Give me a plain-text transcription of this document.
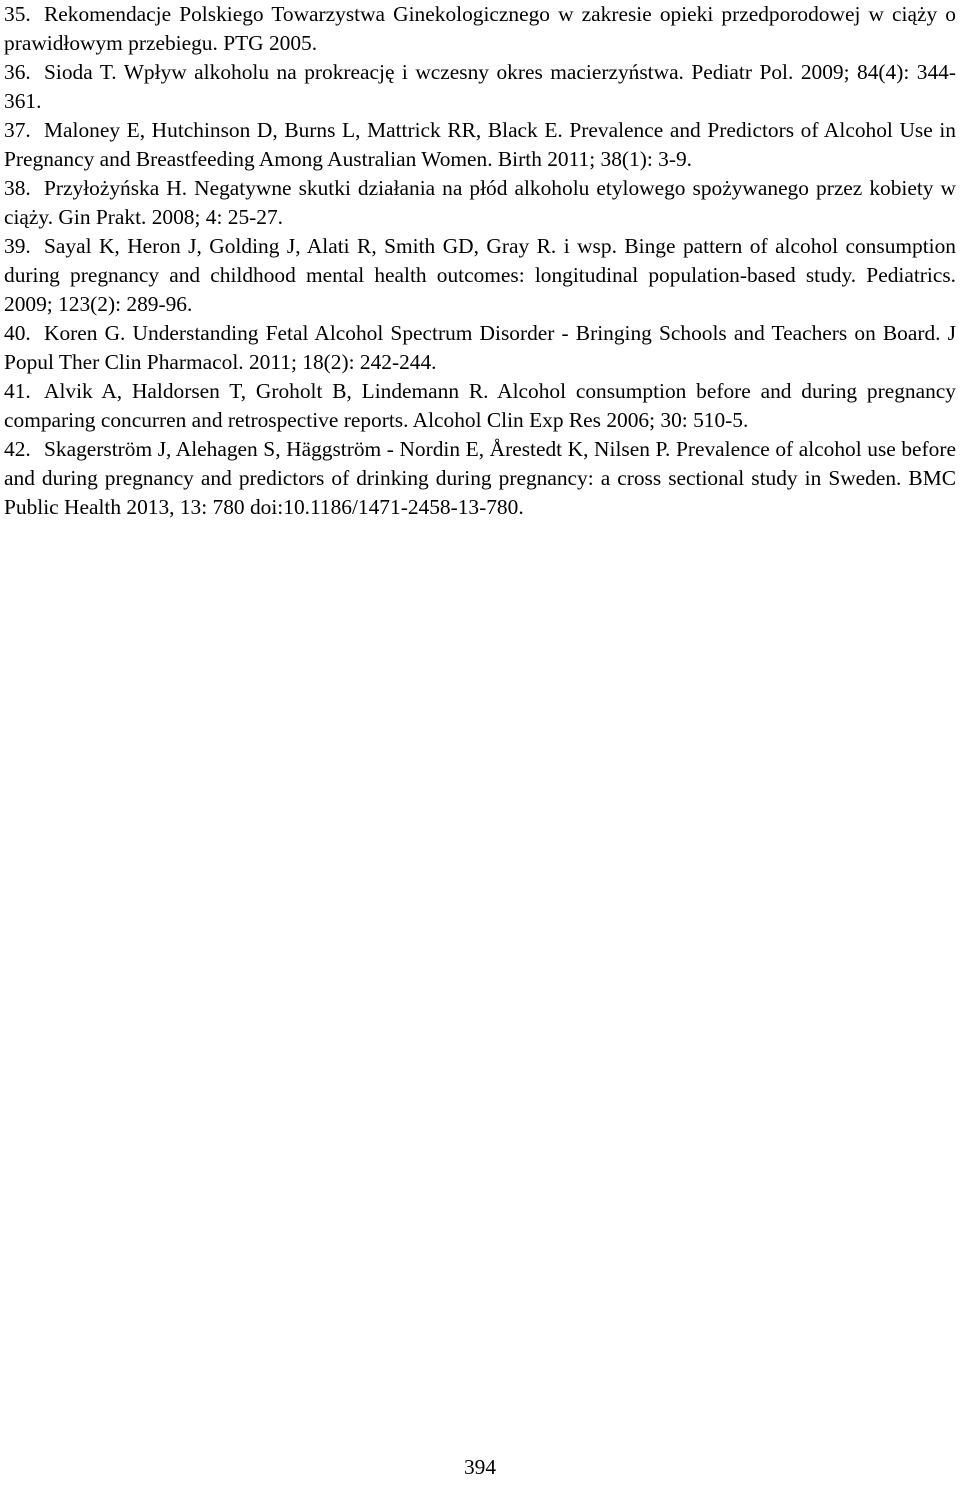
35. Rekomendacje Polskiego Towarzystwa Ginekologicznego w zakresie opieki przedporodowej w ciąży o prawidłowym przebiegu. PTG 2005.

36. Sioda T. Wpływ alkoholu na prokreację i wczesny okres macierzyństwa. Pediatr Pol. 2009; 84(4): 344-361.

37. Maloney E, Hutchinson D, Burns L, Mattrick RR, Black E. Prevalence and Predictors of Alcohol Use in Pregnancy and Breastfeeding Among Australian Women. Birth 2011; 38(1): 3-9.

38. Przyłożyńska H. Negatywne skutki działania na płód alkoholu etylowego spożywanego przez kobiety w ciąży. Gin Prakt. 2008; 4: 25-27.

39. Sayal K, Heron J, Golding J, Alati R, Smith GD, Gray R. i wsp. Binge pattern of alcohol consumption during pregnancy and childhood mental health outcomes: longitudinal population-based study. Pediatrics. 2009; 123(2): 289-96.

40. Koren G. Understanding Fetal Alcohol Spectrum Disorder - Bringing Schools and Teachers on Board. J Popul Ther Clin Pharmacol. 2011; 18(2): 242-244.

41. Alvik A, Haldorsen T, Groholt B, Lindemann R. Alcohol consumption before and during pregnancy comparing concurren and retrospective reports. Alcohol Clin Exp Res 2006; 30: 510-5.

42. Skagerström J, Alehagen S, Häggström - Nordin E, Årestedt K, Nilsen P. Prevalence of alcohol use before and during pregnancy and predictors of drinking during pregnancy: a cross sectional study in Sweden. BMC Public Health 2013, 13: 780 doi:10.1186/1471-2458-13-780.

394
